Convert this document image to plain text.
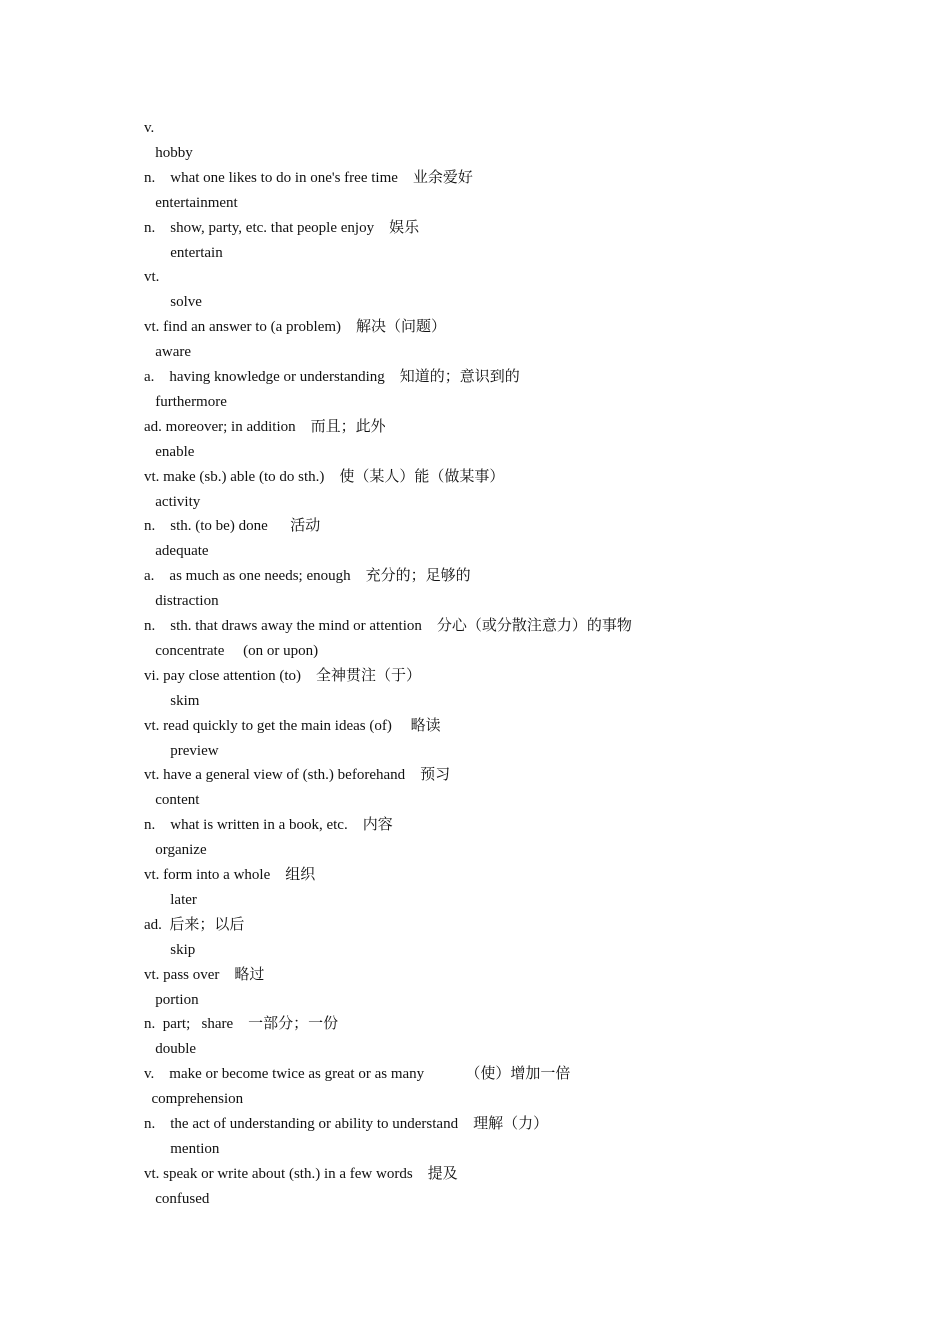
v.
hobby
n.    what one likes to do in one's free time    业余爱好
entertainment
n.    show, party, etc. that people enjoy    娱乐
entertain
vt.
solve
vt. find an answer to (a problem)    解决（问题）
aware
a.    having knowledge or understanding    知道的；意识到的
furthermore
ad. moreover; in addition    而且；此外
enable
vt. make (sb.) able (to do sth.)    使（某人）能（做某事）
activity
n.    sth. (to be) done      活动
adequate
a.    as much as one needs; enough    充分的；足够的
distraction
n.    sth. that draws away the mind or attention    分心（或分散注意力）的事物
concentrate     (on or upon)
vi. pay close attention (to)    全神贯注（于）
skim
vt. read quickly to get the main ideas (of)     略读
preview
vt. have a general view of (sth.) beforehand    预习
content
n.    what is written in a book, etc.    内容
organize
vt. form into a whole    组织
later
ad.  后来；以后
skip
vt. pass over    略过
portion
n.  part;   share    一部分；一份
double
v.    make or become twice as great or as many           （使）增加一倍
comprehension
n.    the act of understanding or ability to understand    理解（力）
mention
vt. speak or write about (sth.) in a few words    提及
confused
